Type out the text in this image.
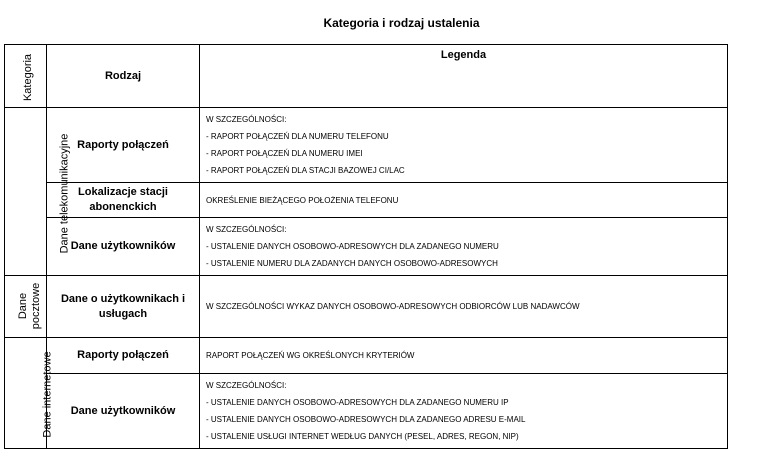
Kategoria i rodzaj ustalenia
Kategoria	Rodzaj	Legenda
Dane telekomunikacyjne	Raporty połączeń	W SZCZEGÓLNOŚCI:
- RAPORT POŁĄCZEŃ DLA NUMERU TELEFONU
- RAPORT POŁĄCZEŃ DLA NUMERU IMEI
- RAPORT POŁĄCZEŃ DLA STACJI BAZOWEJ CI/LAC

	Lokalizacje stacji abonenckich	OKREŚLENIE BIEŻĄCEGO POŁOŻENIA TELEFONU

	Dane użytkowników	W SZCZEGÓLNOŚCI:
- USTALENIE DANYCH OSOBOWO-ADRESOWYCH DLA ZADANEGO NUMERU
- USTALENIE NUMERU DLA ZADANYCH DANYCH OSOBOWO-ADRESOWYCH

Dane pocztowe	Dane o użytkownikach i usługach	W SZCZEGÓLNOŚCI WYKAZ DANYCH OSOBOWO-ADRESOWYCH ODBIORCÓW LUB NADAWCÓW

Dane internetowe	Raporty połączeń	RAPORT POŁĄCZEŃ WG OKREŚLONYCH KRYTERIÓW

	Dane użytkowników	W SZCZEGÓLNOŚCI:
- USTALENIE DANYCH OSOBOWO-ADRESOWYCH DLA ZADANEGO NUMERU IP
- USTALENIE DANYCH OSOBOWO-ADRESOWYCH DLA ZADANEGO ADRESU E-MAIL
- USTALENIE USŁUGI INTERNET WEDŁUG DANYCH (PESEL, ADRES, REGON, NIP)
